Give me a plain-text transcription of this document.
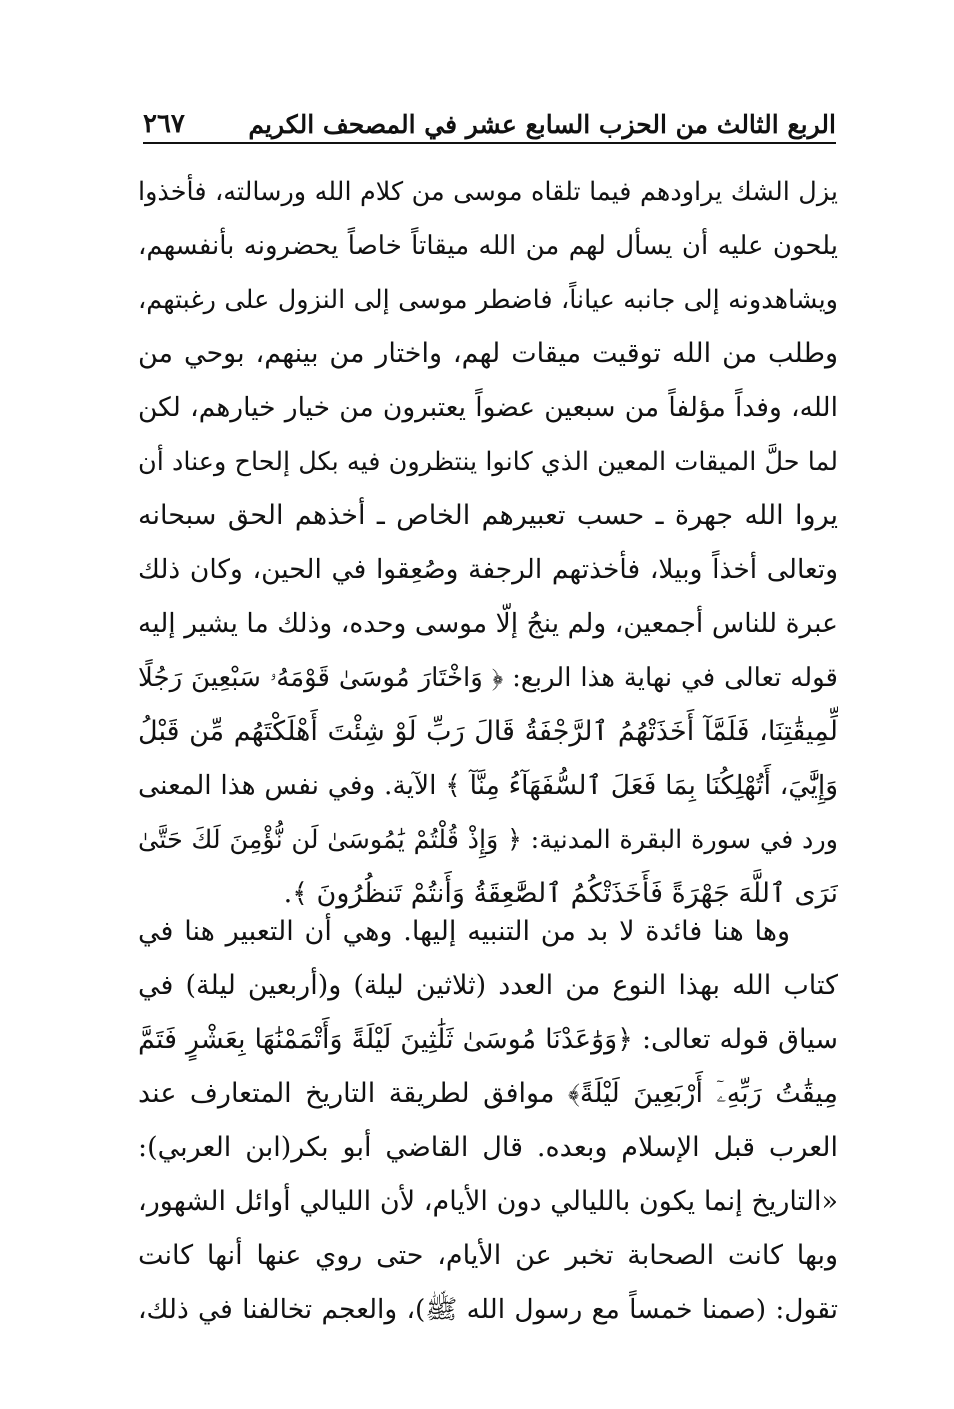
الربع الثالث من الحزب السابع عشر في المصحف الكريم
٢٦٧
يزل الشك يراودهم فيما تلقاه موسى من كلام الله ورسالته، فأخذوا
يلحون عليه أن يسأل لهم من الله ميقاتاً خاصاً يحضرونه بأنفسهم،
ويشاهدونه إلى جانبه عياناً، فاضطر موسى إلى النزول على رغبتهم،
وطلب من الله توقيت ميقات لهم، واختار من بينهم، بوحي من
الله، وفداً مؤلفاً من سبعين عضواً يعتبرون من خيار خيارهم، لكن
لما حلَّ الميقات المعين الذي كانوا ينتظرون فيه بكل إلحاح وعناد أن
يروا الله جهرة ـ حسب تعبيرهم الخاص ـ أخذهم الحق سبحانه
وتعالى أخذاً وبيلا، فأخذتهم الرجفة وصُعِقوا في الحين، وكان ذلك
عبرة للناس أجمعين، ولم ينجُ إلّا موسى وحده، وذلك ما يشير إليه
قوله تعالى في نهاية هذا الربع: ﴿ وَاخْتَارَ مُوسَىٰ قَوْمَهُۥ سَبْعِينَ رَجُلًا
لِّمِيقَٰتِنَا، فَلَمَّآ أَخَذَتْهُمُ ٱلرَّجْفَةُ قَالَ رَبِّ لَوْ شِئْتَ أَهْلَكْتَهُم مِّن قَبْلُ
وَإِيَّٰيَ، أَتُهْلِكُنَا بِمَا فَعَلَ ٱلسُّفَهَآءُ مِنَّآ ﴾ الآية. وفي نفس هذا المعنى
ورد في سورة البقرة المدنية: ﴿ وَإِذْ قُلْتُمْ يَٰمُوسَىٰ لَن نُّؤْمِنَ لَكَ حَتَّىٰ
نَرَى ٱللَّهَ جَهْرَةً فَأَخَذَتْكُمُ ٱلصَّٰعِقَةُ وَأَنتُمْ تَنظُرُونَ ﴾.
وها هنا فائدة لا بد من التنبيه إليها. وهي أن التعبير هنا في
كتاب الله بهذا النوع من العدد (ثلاثين ليلة) و(أربعين ليلة) في
سياق قوله تعالى: ﴿وَوَٰعَدْنَا مُوسَىٰ ثَلَٰثِينَ لَيْلَةً وَأَتْمَمْنَٰهَا بِعَشْرٍ فَتَمَّ
مِيقَٰتُ رَبِّهِۦٓ أَرْبَعِينَ لَيْلَةً﴾ موافق لطريقة التاريخ المتعارف عند
العرب قبل الإسلام وبعده. قال القاضي أبو بكر(ابن العربي):
«التاريخ إنما يكون بالليالي دون الأيام، لأن الليالي أوائل الشهور،
وبها كانت الصحابة تخبر عن الأيام، حتى روي عنها أنها كانت
تقول: (صمنا خمساً مع رسول الله ﷺ)، والعجم تخالفنا في ذلك،
